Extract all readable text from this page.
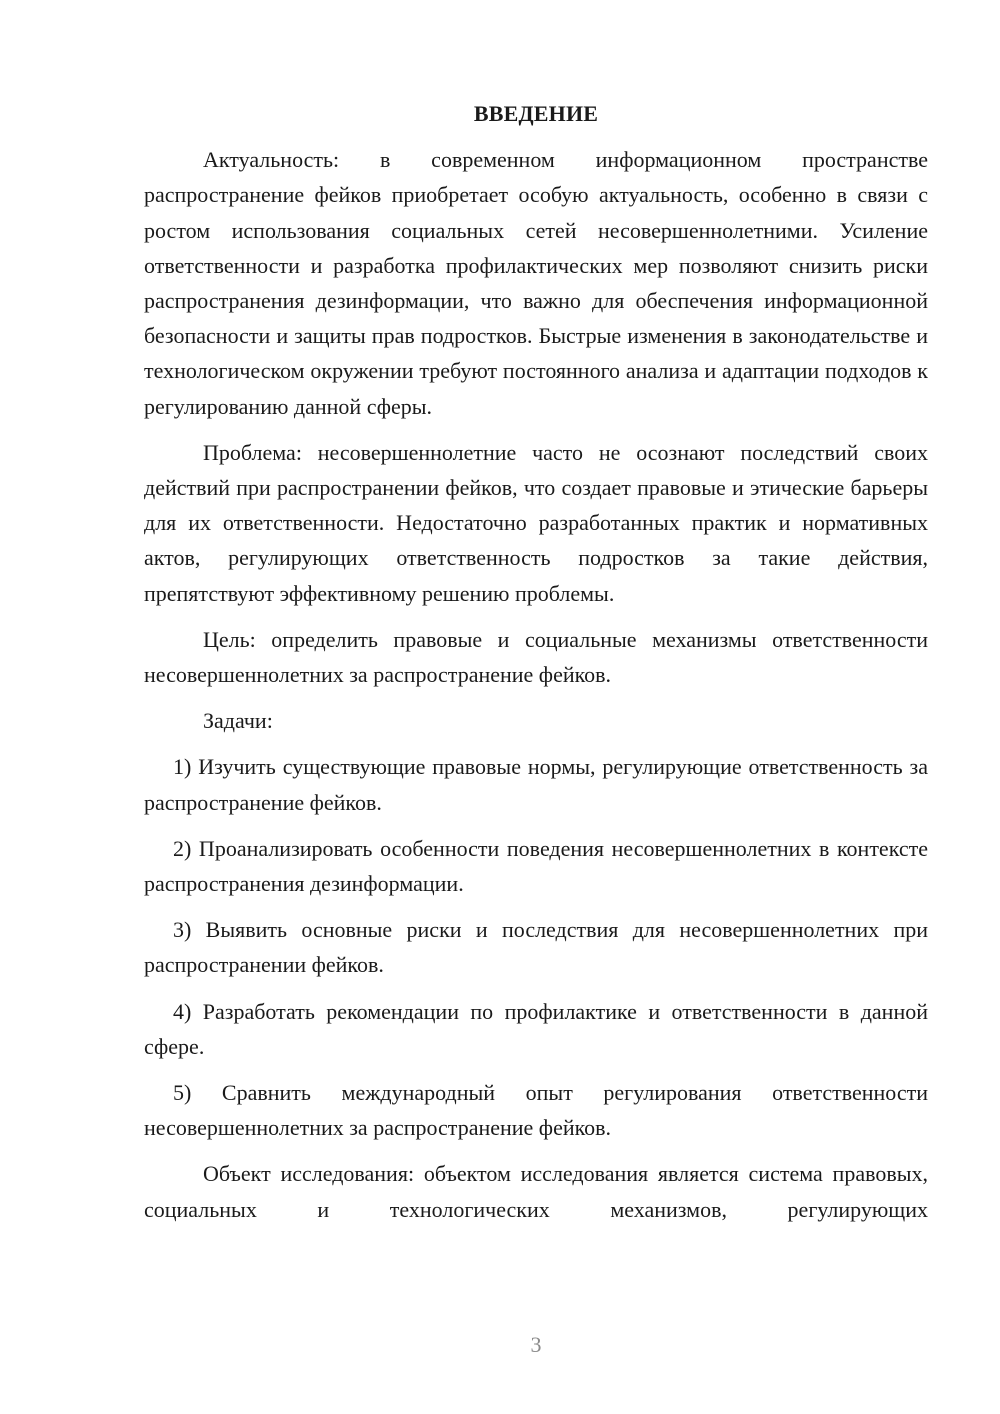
ВВЕДЕНИЕ

Актуальность: в современном информационном пространстве распространение фейков приобретает особую актуальность, особенно в связи с ростом использования социальных сетей несовершеннолетними. Усиление ответственности и разработка профилактических мер позволяют снизить риски распространения дезинформации, что важно для обеспечения информационной безопасности и защиты прав подростков. Быстрые изменения в законодательстве и технологическом окружении требуют постоянного анализа и адаптации подходов к регулированию данной сферы.

Проблема: несовершеннолетние часто не осознают последствий своих действий при распространении фейков, что создает правовые и этические барьеры для их ответственности. Недостаточно разработанных практик и нормативных актов, регулирующих ответственность подростков за такие действия, препятствуют эффективному решению проблемы.

Цель: определить правовые и социальные механизмы ответственности несовершеннолетних за распространение фейков.

Задачи:

1) Изучить существующие правовые нормы, регулирующие ответственность за распространение фейков.

2) Проанализировать особенности поведения несовершеннолетних в контексте распространения дезинформации.

3) Выявить основные риски и последствия для несовершеннолетних при распространении фейков.

4) Разработать рекомендации по профилактике и ответственности в данной сфере.

5) Сравнить международный опыт регулирования ответственности несовершеннолетних за распространение фейков.

Объект исследования: объектом исследования является система правовых, социальных и технологических механизмов, регулирующих

3
